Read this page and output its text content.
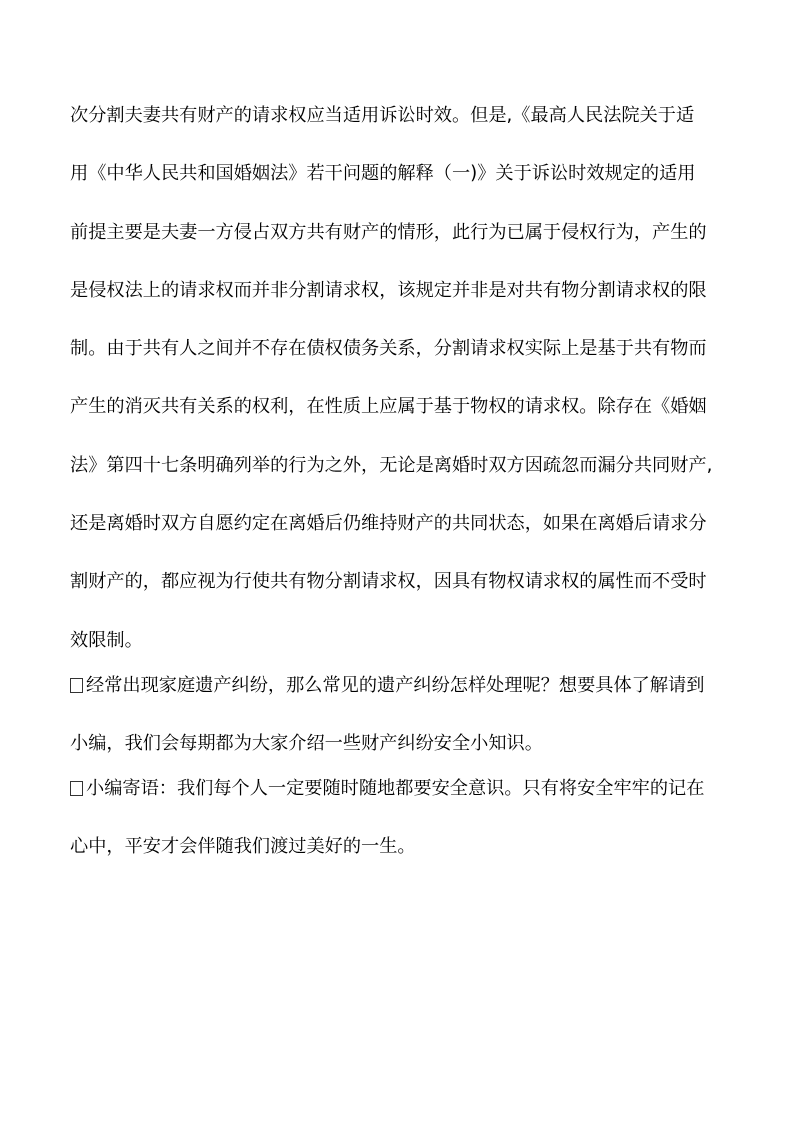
次分割夫妻共有财产的请求权应当适用诉讼时效。但是,《最高人民法院关于适
用《中华人民共和国婚姻法》若干问题的解释（一)》关于诉讼时效规定的适用
前提主要是夫妻一方侵占双方共有财产的情形，此行为已属于侵权行为，产生的
是侵权法上的请求权而并非分割请求权，该规定并非是对共有物分割请求权的限
制。由于共有人之间并不存在债权债务关系，分割请求权实际上是基于共有物而
产生的消灭共有关系的权利，在性质上应属于基于物权的请求权。除存在《婚姻
法》第四十七条明确列举的行为之外，无论是离婚时双方因疏忽而漏分共同财产,
还是离婚时双方自愿约定在离婚后仍维持财产的共同状态，如果在离婚后请求分
割财产的，都应视为行使共有物分割请求权，因具有物权请求权的属性而不受时
效限制。
经常出现家庭遗产纠纷，那么常见的遗产纠纷怎样处理呢？想要具体了解请到
小编，我们会每期都为大家介绍一些财产纠纷安全小知识。
小编寄语：我们每个人一定要随时随地都要安全意识。只有将安全牢牢的记在
心中，平安才会伴随我们渡过美好的一生。
